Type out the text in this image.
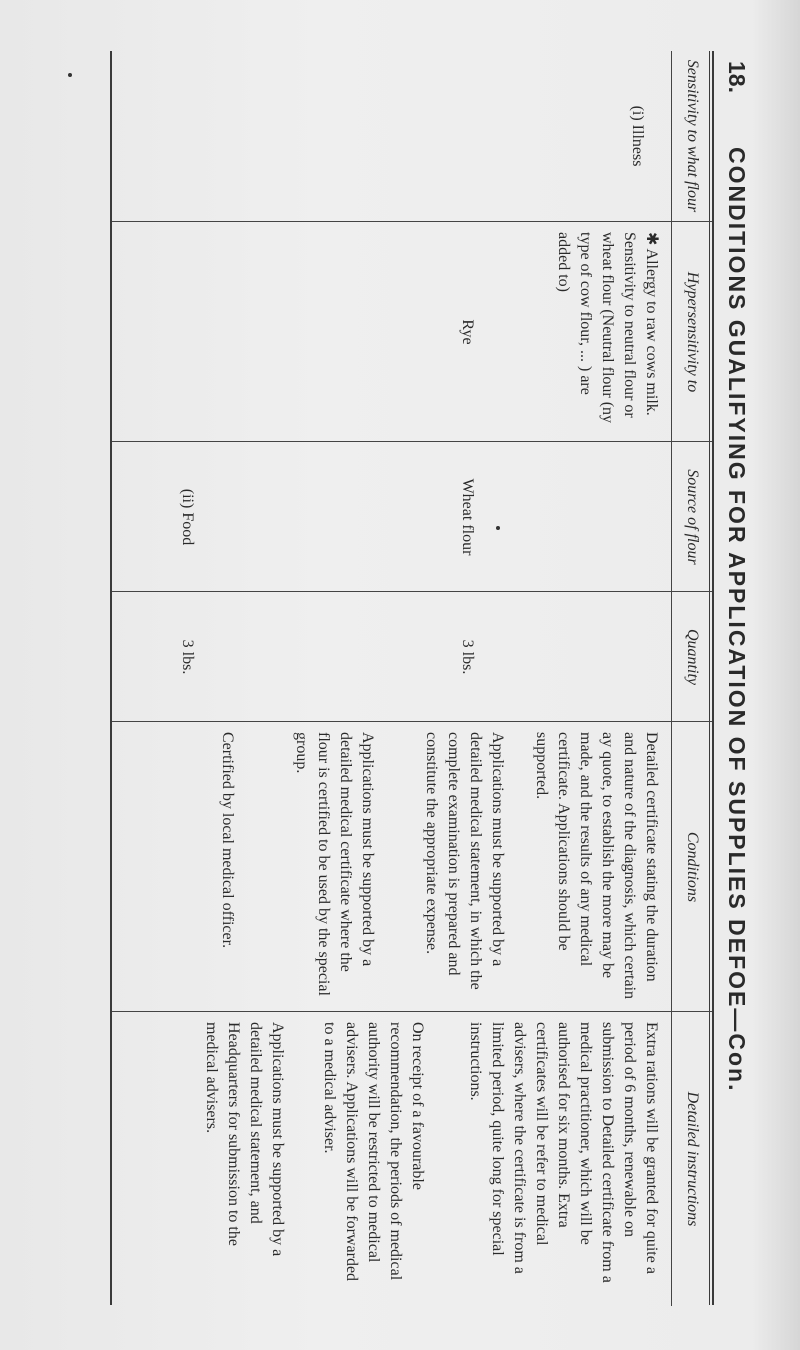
18.
CONDITIONS GUALIFYING FOR APPLICATION OF SUPPLIES DEFOE—Con.
Sensitivity to what flour
(i) Illness
Hypersensitivity to
✱ Allergy to raw cows milk. Sensitivity to neutral flour or wheat flour (Neutral flour (ny type of cow flour, ... ) are added to)
Rye
Source of flour
Wheat flour
(ii) Food
Quantity
3 lbs.
3 lbs.
Conditions
Detailed certificate stating the duration and nature of the diagnosis, which certain ay quote, to establish the more may be made, and the results of any medical certificate. Applications should be supported.
Applications must be supported by a detailed medical statement, in which the complete examination is prepared and constitute the appropriate expense.
Applications must be supported by a detailed medical certificate where the flour is certified to be used by the special group.
Certified by local medical officer.
Detailed instructions
Extra rations will be granted for quite a period of 6 months, renewable on submission to Detailed certificate from a medical practitioner, which will be authorised for six months. Extra certificates will be refer to medical advisers, where the certificate is from a limited period, quite long for special instructions.
On receipt of a favourable recommendation, the periods of medical authority will be restricted to medical advisers. Applications will be forwarded to a medical adviser.
Applications must be supported by a detailed medical statement, and Headquarters for submission to the medical advisers.
